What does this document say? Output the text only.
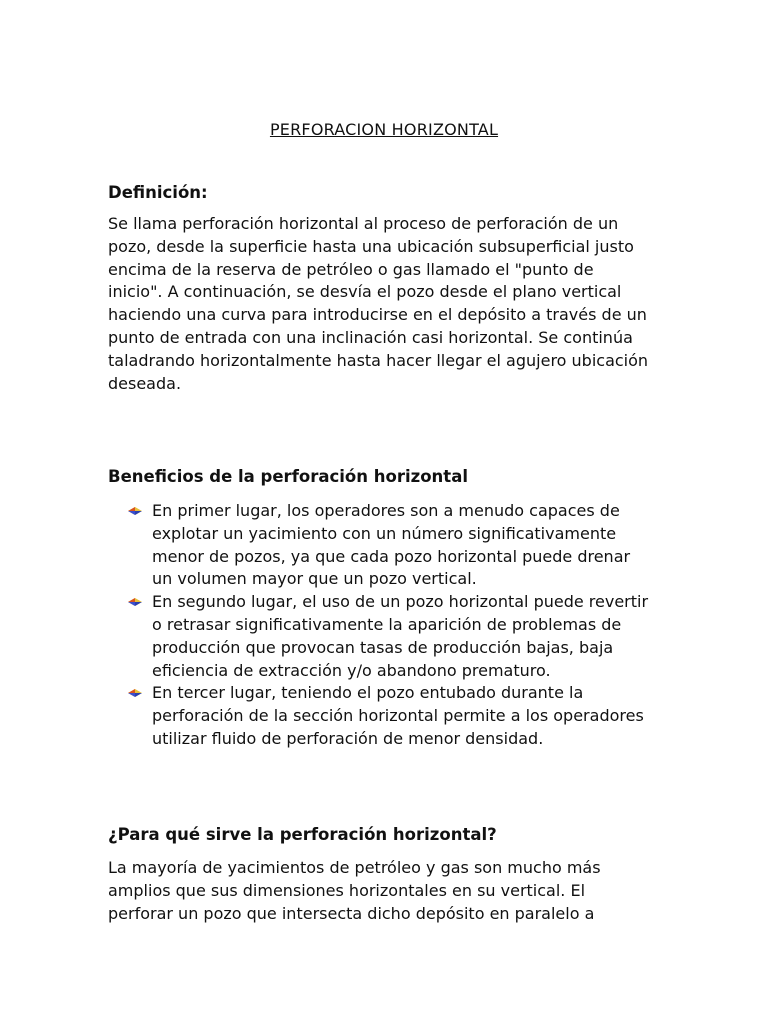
PERFORACION HORIZONTAL
Definición:

Se llama perforación horizontal al proceso de perforación de un pozo, desde la superficie hasta una ubicación subsuperficial justo encima de la reserva de petróleo o gas llamado el "punto de inicio". A continuación, se desvía el pozo desde el plano vertical haciendo una curva para introducirse en el depósito a través de un punto de entrada con una inclinación casi horizontal. Se continúa taladrando horizontalmente hasta hacer llegar el agujero ubicación deseada.

Beneficios de la perforación horizontal
En primer lugar, los operadores son a menudo capaces de explotar un yacimiento con un número significativamente menor de pozos, ya que cada pozo horizontal puede drenar un volumen mayor que un pozo vertical.
En segundo lugar, el uso de un pozo horizontal puede revertir o retrasar significativamente la aparición de problemas de producción que provocan tasas de producción bajas, baja eficiencia de extracción y/o abandono prematuro.
En tercer lugar, teniendo el pozo entubado durante la perforación de la sección horizontal permite a los operadores utilizar fluido de perforación de menor densidad.
¿Para qué sirve la perforación horizontal?

La mayoría de yacimientos de petróleo y gas son mucho más amplios que sus dimensiones horizontales en su vertical. El perforar un pozo que intersecta dicho depósito en paralelo a
